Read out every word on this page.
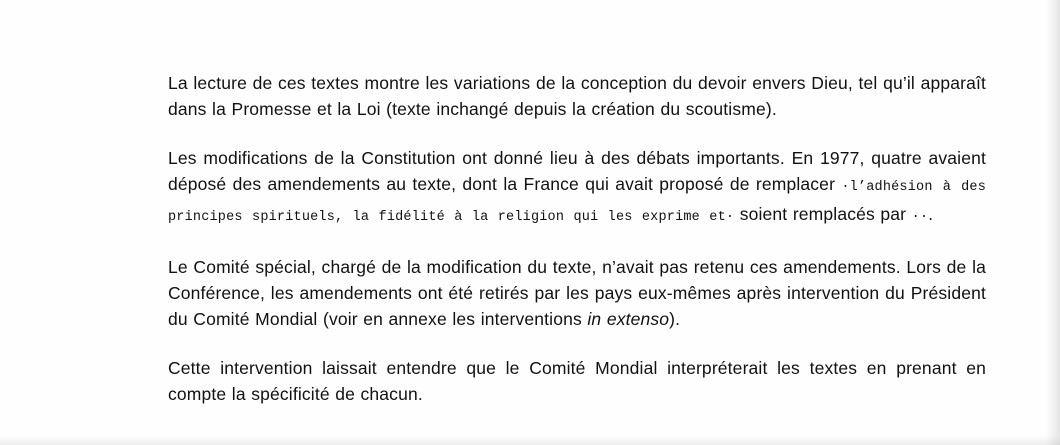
La lecture de ces textes montre les variations de la conception du devoir envers Dieu, tel qu’il apparaît dans la Promesse et la Loi (texte inchangé depuis la création du scoutisme).

Les modifications de la Constitution ont donné lieu à des débats importants. En 1977, quatre avaient déposé des amendements au texte, dont la France qui avait proposé de remplacer ·l’adhésion à des principes spirituels, la fidélité à la religion qui les exprime et· soient remplacés par ··.

Le Comité spécial, chargé de la modification du texte, n’avait pas retenu ces amendements. Lors de la Conférence, les amendements ont été retirés par les pays eux-mêmes après intervention du Président du Comité Mondial (voir en annexe les interventions in extenso).

Cette intervention laissait entendre que le Comité Mondial interpréterait les textes en prenant en compte la spécificité de chacun.
